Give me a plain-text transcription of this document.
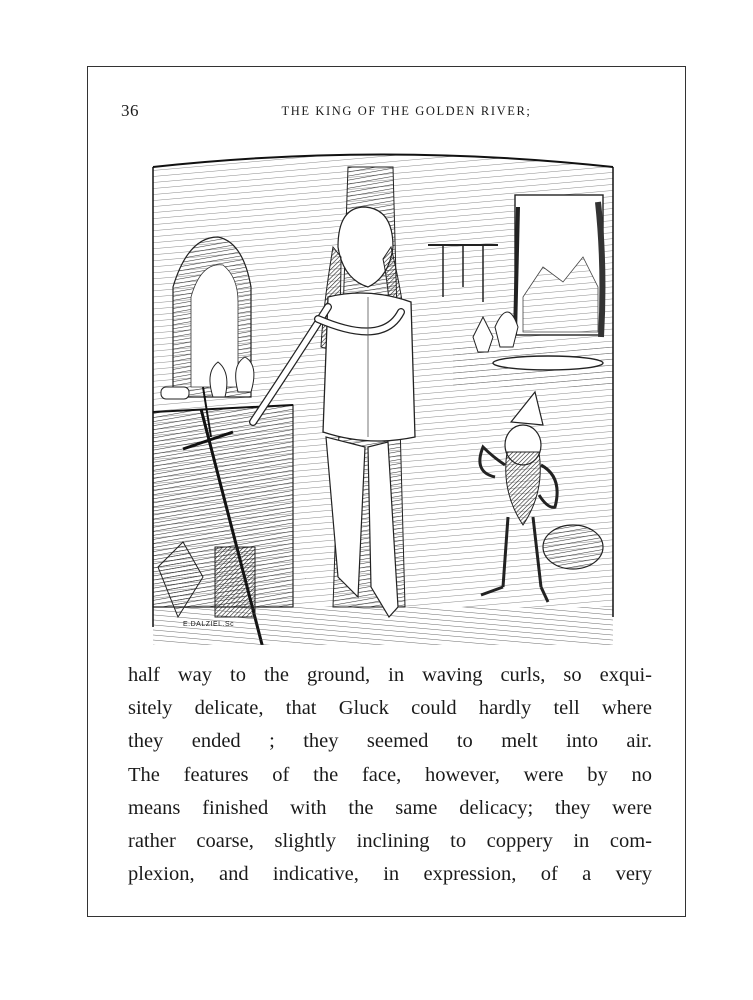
36	THE KING OF THE GOLDEN RIVER;
E.DALZIEL.Sc
half way to the ground, in waving curls, so exqui-
sitely delicate, that Gluck could hardly tell where
they ended ; they seemed to melt into air.
The features of the face, however, were by no
means finished with the same delicacy; they were
rather coarse, slightly inclining to coppery in com-
plexion, and indicative, in expression, of a very
